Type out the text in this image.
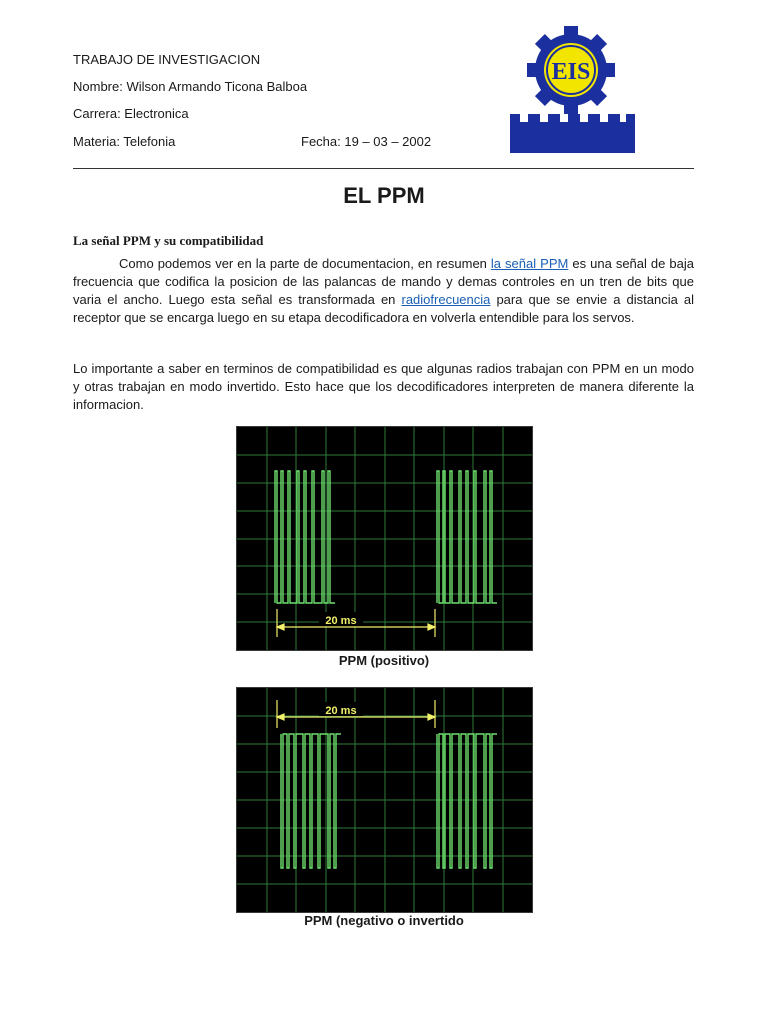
TRABAJO DE INVESTIGACION
Nombre: Wilson Armando Ticona Balboa
Carrera: Electronica
Materia: Telefonia	Fecha: 19 – 03 – 2002
EIS
EL PPM
La señal PPM y su compatibilidad
Como podemos ver en la parte de documentacion, en resumen la señal PPM es una señal de baja frecuencia que codifica la posicion de las palancas de mando y demas controles en un tren de bits que varia el ancho. Luego esta señal es transformada en radiofrecuencia para que se envie a distancia al receptor que se encarga luego en su etapa decodificadora en volverla entendible para los servos.
Lo importante a saber en terminos de compatibilidad es que algunas radios trabajan con PPM en un modo y otras trabajan en modo invertido. Esto hace que los decodificadores interpreten de manera diferente la informacion.
20 ms
PPM (positivo)
20 ms
PPM (negativo o invertido
